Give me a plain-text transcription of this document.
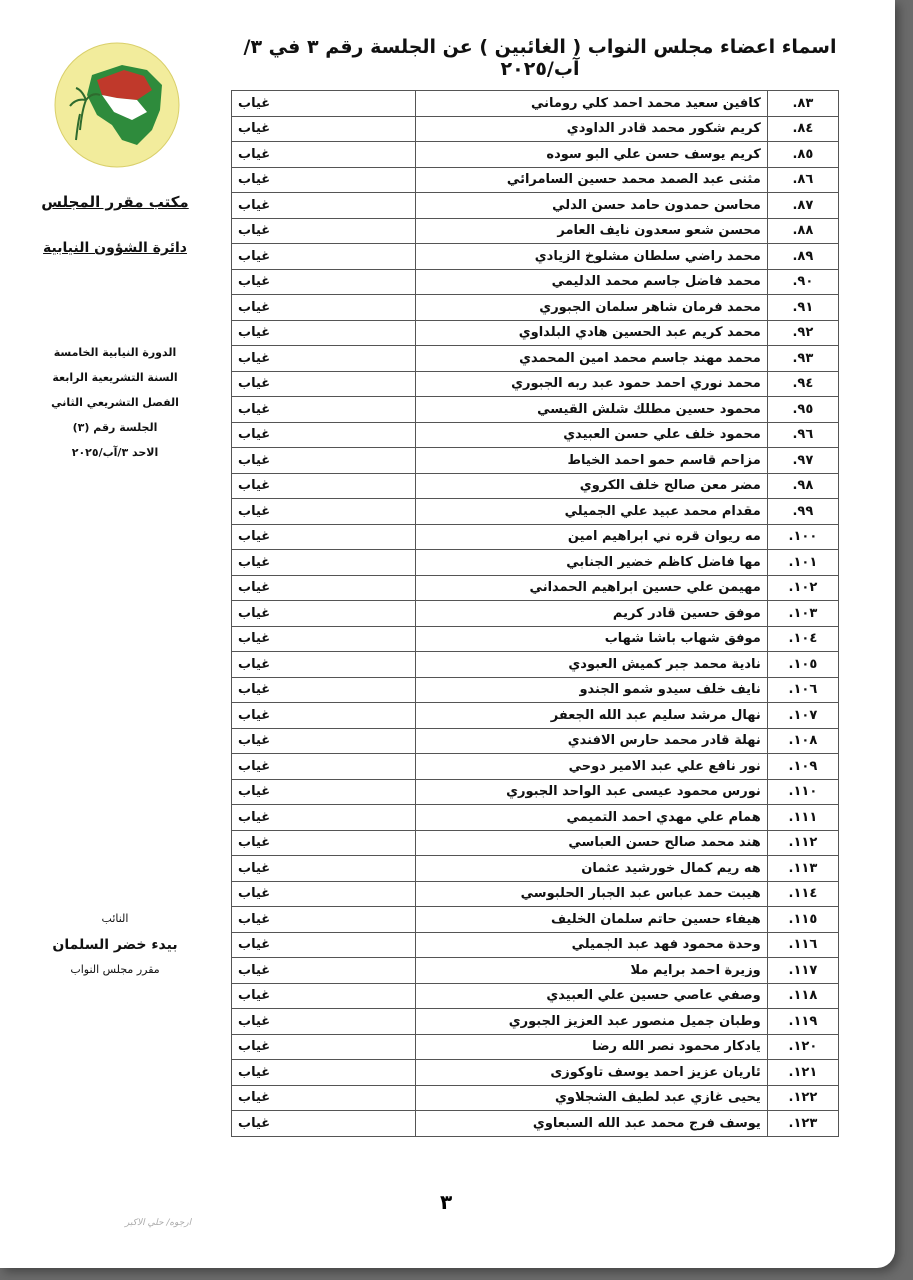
اسماء اعضاء مجلس النواب ( الغائبين ) عن الجلسة رقم ٣ في ٣/آب/٢٠٢٥
مكتب مقرر المجلس
دائرة الشؤون النيابية
الدورة النيابية الخامسة
السنة التشريعية الرابعة
الفصل التشريعي الثاني
الجلسة رقم (٣)
الاحد ٣/آب/٢٠٢٥
النائب
بيدء خضر السلمان
مقرر مجلس النواب
٨٣.	كافين سعيد محمد احمد كلي روماني	غياب
٨٤.	كريم شكور محمد قادر الداودي	غياب
٨٥.	كريم يوسف حسن علي البو سوده	غياب
٨٦.	مثنى عبد الصمد محمد حسين السامرائي	غياب
٨٧.	محاسن حمدون حامد حسن الدلي	غياب
٨٨.	محسن شعو سعدون نايف العامر	غياب
٨٩.	محمد راضي سلطان مشلوخ الزيادي	غياب
٩٠.	محمد فاضل جاسم محمد الدليمي	غياب
٩١.	محمد فرمان شاهر سلمان الجبوري	غياب
٩٢.	محمد كريم عبد الحسين هادي البلداوي	غياب
٩٣.	محمد مهند جاسم محمد امين المحمدي	غياب
٩٤.	محمد نوري احمد حمود عبد ربه الجبوري	غياب
٩٥.	محمود حسين مطلك شلش القيسي	غياب
٩٦.	محمود خلف علي حسن العبيدي	غياب
٩٧.	مزاحم قاسم حمو احمد الخياط	غياب
٩٨.	مضر معن صالح خلف الكروي	غياب
٩٩.	مقدام محمد عبيد علي الجميلي	غياب
١٠٠.	مه ريوان قره ني ابراهيم امين	غياب
١٠١.	مها فاضل كاظم خضير الجنابي	غياب
١٠٢.	مهيمن علي حسين ابراهيم الحمداني	غياب
١٠٣.	موفق حسين قادر كريم	غياب
١٠٤.	موفق شهاب باشا شهاب	غياب
١٠٥.	نادية محمد جبر كميش العبودي	غياب
١٠٦.	نايف خلف سيدو شمو الجندو	غياب
١٠٧.	نهال مرشد سليم عبد الله الجعفر	غياب
١٠٨.	نهلة قادر محمد حارس الافندي	غياب
١٠٩.	نور نافع علي عبد الامير دوحي	غياب
١١٠.	نورس محمود عيسى عبد الواحد الجبوري	غياب
١١١.	همام علي مهدي احمد التميمي	غياب
١١٢.	هند محمد صالح حسن العباسي	غياب
١١٣.	هه ريم كمال خورشيد عثمان	غياب
١١٤.	هيبت حمد عباس عبد الجبار الحلبوسي	غياب
١١٥.	هيفاء حسين حاتم سلمان الخليف	غياب
١١٦.	وحدة محمود فهد عبد الجميلي	غياب
١١٧.	وزيرة احمد برايم ملا	غياب
١١٨.	وصفي عاصي حسين علي العبيدي	غياب
١١٩.	وطبان جميل منصور عبد العزيز الجبوري	غياب
١٢٠.	يادكار محمود نصر الله رضا	غياب
١٢١.	ئاريان عزيز احمد يوسف تاوكوزى	غياب
١٢٢.	يحيى غازي عبد لطيف الشجلاوي	غياب
١٢٣.	يوسف فرج محمد عبد الله السبعاوي	غياب
٣
ارجوه/ حلي الاكبر
